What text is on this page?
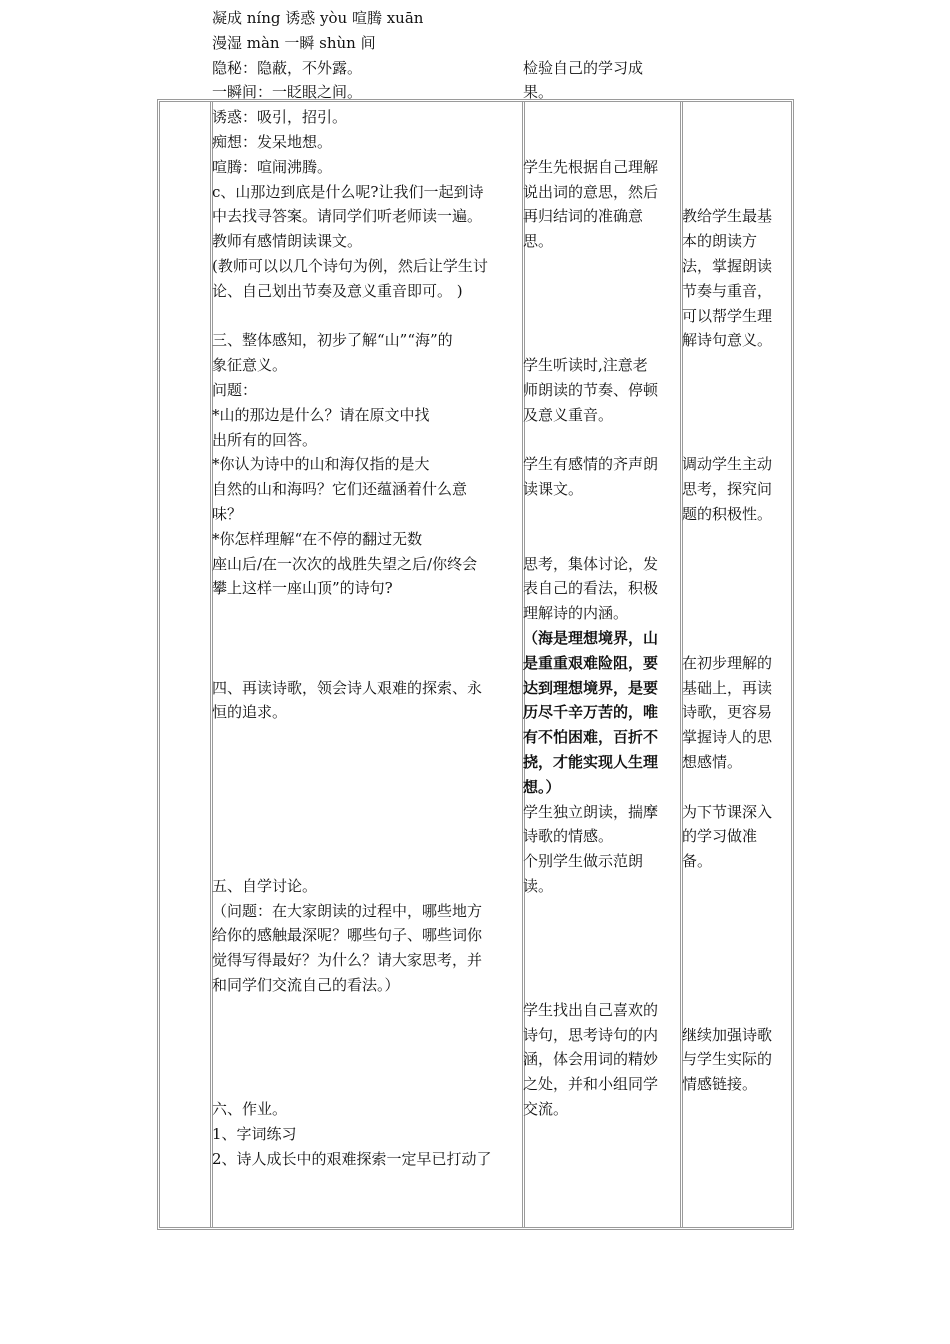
凝成 níng 诱惑 yòu 喧腾 xuān
漫湿 màn 一瞬 shùn 间
隐秘：隐蔽，不外露。
一瞬间：一眨眼之间。
诱惑：吸引，招引。
痴想：发呆地想。
喧腾：喧闹沸腾。
c、山那边到底是什么呢?让我们一起到诗
中去找寻答案。请同学们听老师读一遍。
教师有感情朗读课文。
(教师可以以几个诗句为例，然后让学生讨
论、自己划出节奏及意义重音即可。 )
三、整体感知，初步了解“山”“海”的
象征意义。
问题：
*山的那边是什么？请在原文中找
出所有的回答。
*你认为诗中的山和海仅指的是大
自然的山和海吗？它们还蕴涵着什么意
味？
*你怎样理解“在不停的翻过无数
座山后/在一次次的战胜失望之后/你终会
攀上这样一座山顶”的诗句?
四、再读诗歌，领会诗人艰难的探索、永
恒的追求。
五、自学讨论。
（问题：在大家朗读的过程中，哪些地方
给你的感触最深呢？哪些句子、哪些词你
觉得写得最好？为什么？请大家思考，并
和同学们交流自己的看法。）
六、作业。
1、字词练习
2、诗人成长中的艰难探索一定早已打动了
检验自己的学习成
果。
学生先根据自己理解
说出词的意思，然后
再归结词的准确意
思。
学生听读时,注意老
师朗读的节奏、停顿
及意义重音。
学生有感情的齐声朗
读课文。
思考，集体讨论，发
表自己的看法，积极
理解诗的内涵。
（海是理想境界，山
是重重艰难险阻，要
达到理想境界，是要
历尽千辛万苦的，唯
有不怕困难，百折不
挠，才能实现人生理
想。）
学生独立朗读，揣摩
诗歌的情感。
个别学生做示范朗
读。
学生找出自己喜欢的
诗句，思考诗句的内
涵，体会用词的精妙
之处，并和小组同学
交流。
教给学生最基
本的朗读方
法，掌握朗读
节奏与重音，
可以帮学生理
解诗句意义。
调动学生主动
思考，探究问
题的积极性。
在初步理解的
基础上，再读
诗歌，更容易
掌握诗人的思
想感情。
为下节课深入
的学习做准
备。
继续加强诗歌
与学生实际的
情感链接。
